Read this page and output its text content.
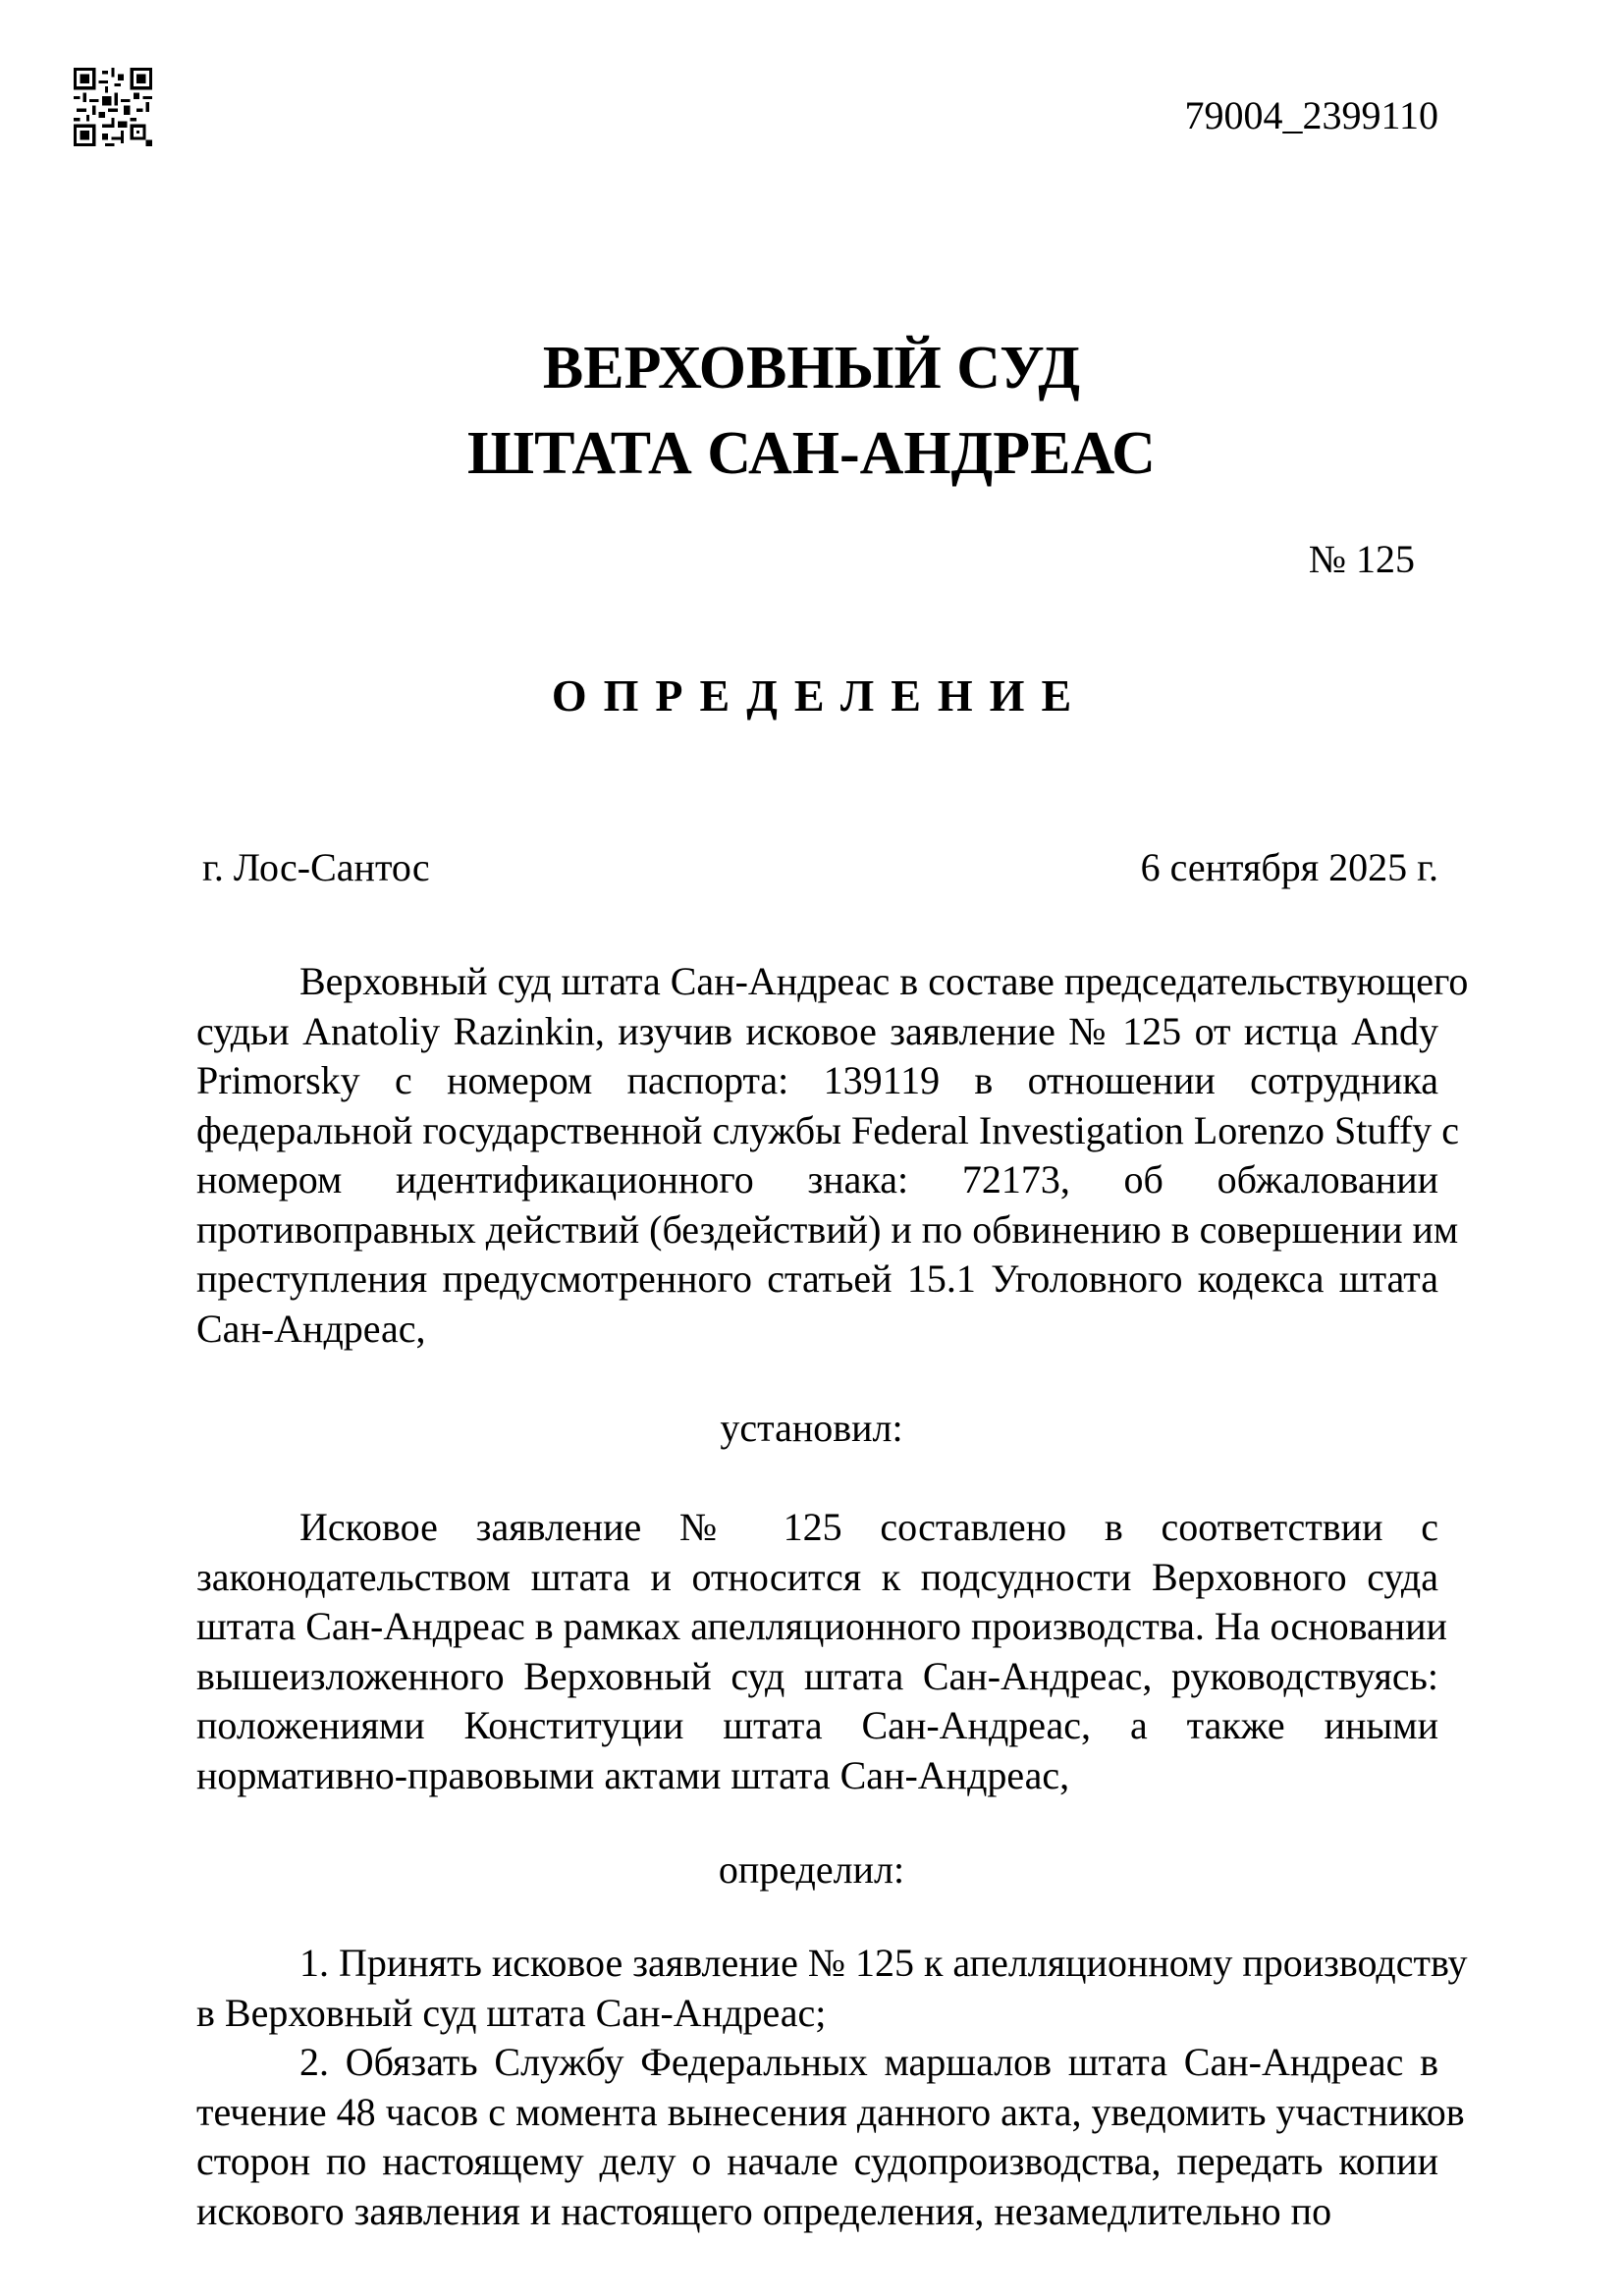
79004_2399110
ВЕРХОВНЫЙ СУД
ШТАТА САН-АНДРЕАС
№ 125
ОПРЕДЕЛЕНИЕ
г. Лос-Сантос	6 сентября 2025 г.
Верховный суд штата Сан-Андреас в составе председательствующего
судьи Anatoliy Razinkin, изучив исковое заявление № 125 от истца Andy
Primorsky с номером паспорта: 139119 в отношении сотрудника
федеральной государственной службы Federal Investigation Lorenzo Stuffy с
номером идентификационного знака: 72173, об обжаловании
противоправных действий (бездействий) и по обвинению в совершении им
преступления предусмотренного статьей 15.1 Уголовного кодекса штата
Сан-Андреас,
установил:
Исковое заявление № 125 составлено в соответствии с
законодательством штата и относится к подсудности Верховного суда
штата Сан-Андреас в рамках апелляционного производства. На основании
вышеизложенного Верховный суд штата Сан-Андреас, руководствуясь:
положениями Конституции штата Сан-Андреас, а также иными
нормативно-правовыми актами штата Сан-Андреас,
определил:
1. Принять исковое заявление № 125 к апелляционному производству
в Верховный суд штата Сан-Андреас;
2. Обязать Службу Федеральных маршалов штата Сан-Андреас в
течение 48 часов с момента вынесения данного акта, уведомить участников
сторон по настоящему делу о начале судопроизводства, передать копии
искового заявления и настоящего определения, незамедлительно по
